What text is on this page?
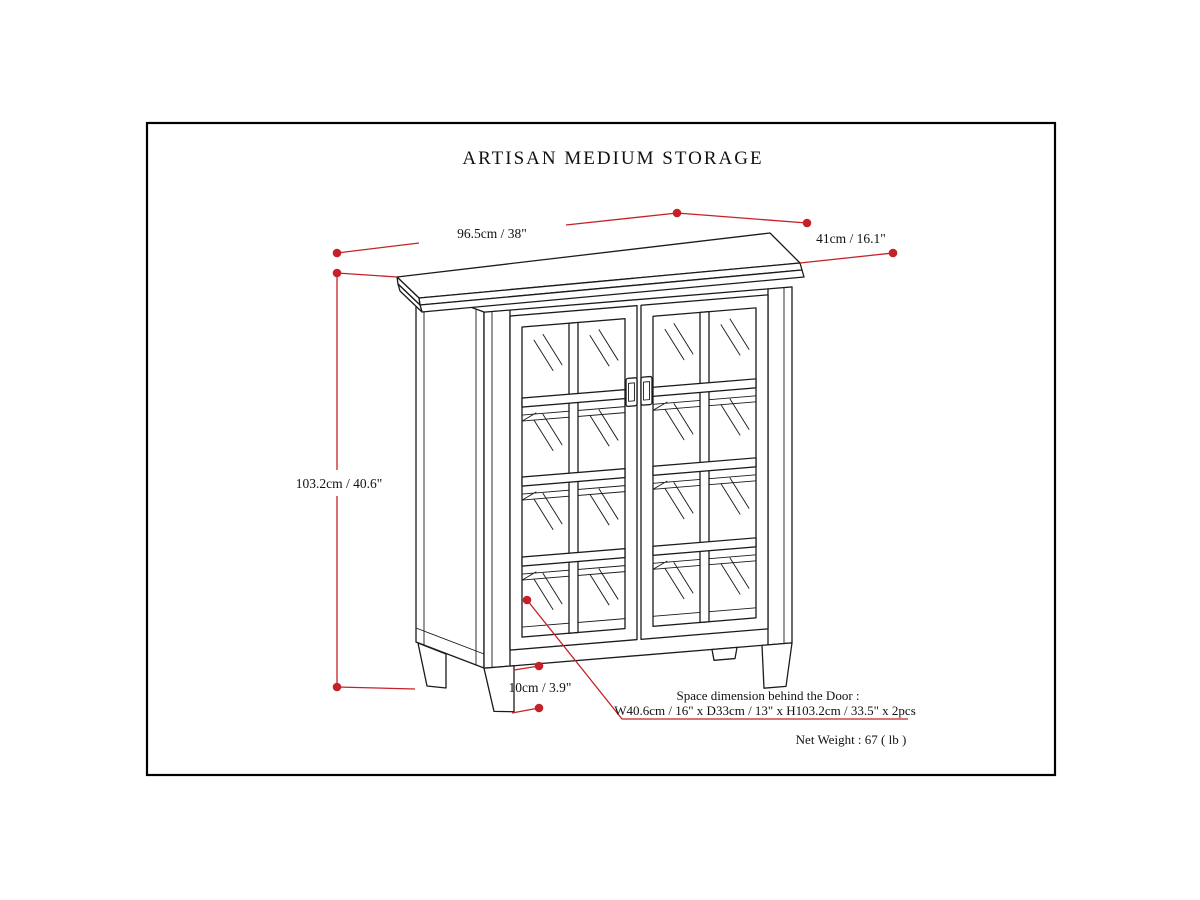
ARTISAN MEDIUM STORAGE
96.5cm / 38"	41cm / 16.1"
103.2cm / 40.6"
10cm / 3.9"
Space dimension behind the Door :
W40.6cm / 16" x D33cm / 13" x H103.2cm / 33.5" x 2pcs
Net Weight : 67 ( lb )
